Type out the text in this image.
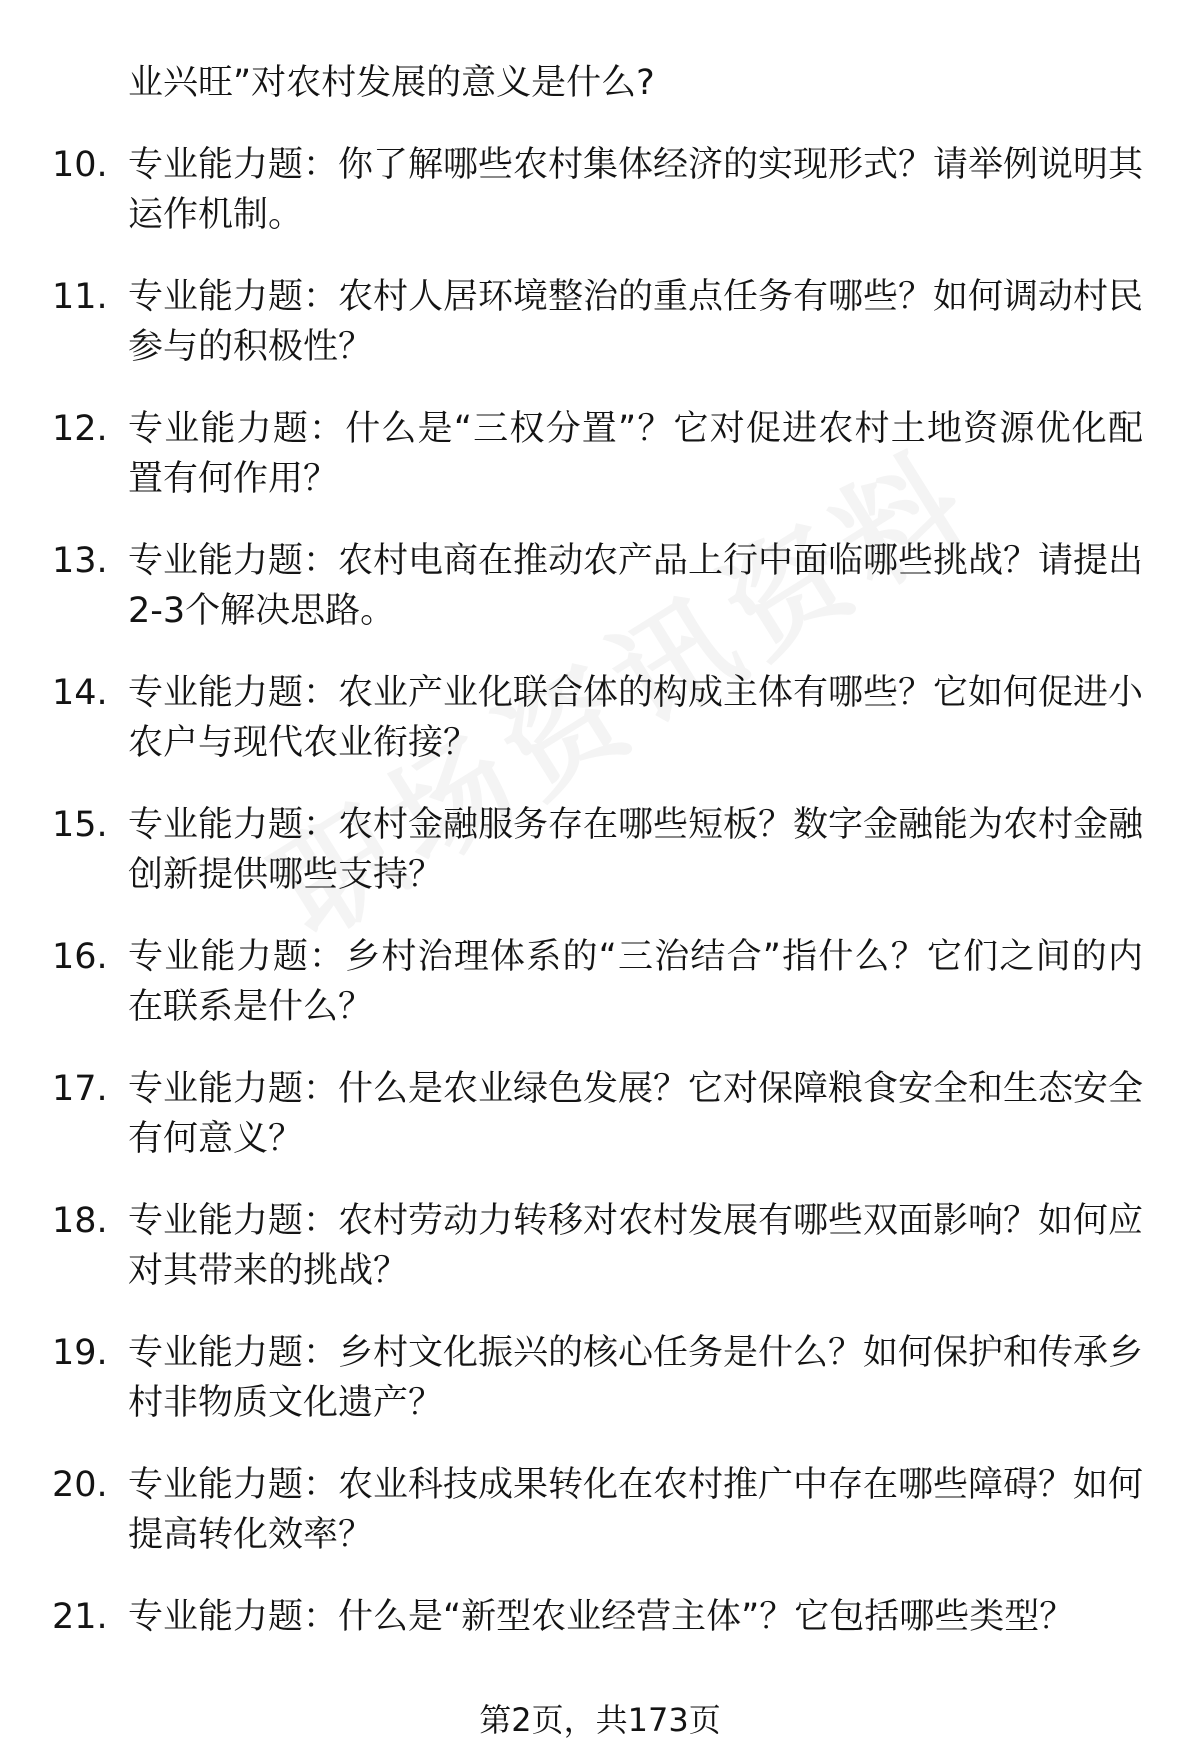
业兴旺”对农村发展的意义是什么?
10. 专业能力题：你了解哪些农村集体经济的实现形式？请举例说明其运作机制。
11. 专业能力题：农村人居环境整治的重点任务有哪些？如何调动村民参与的积极性？
12. 专业能力题：什么是“三权分置”？它对促进农村土地资源优化配置有何作用？
13. 专业能力题：农村电商在推动农产品上行中面临哪些挑战？请提出2-3个解决思路。
14. 专业能力题：农业产业化联合体的构成主体有哪些？它如何促进小农户与现代农业衔接？
15. 专业能力题：农村金融服务存在哪些短板？数字金融能为农村金融创新提供哪些支持？
16. 专业能力题：乡村治理体系的“三治结合”指什么？它们之间的内在联系是什么？
17. 专业能力题：什么是农业绿色发展？它对保障粮食安全和生态安全有何意义？
18. 专业能力题：农村劳动力转移对农村发展有哪些双面影响？如何应对其带来的挑战？
19. 专业能力题：乡村文化振兴的核心任务是什么？如何保护和传承乡村非物质文化遗产？
20. 专业能力题：农业科技成果转化在农村推广中存在哪些障碍？如何提高转化效率？
21. 专业能力题：什么是“新型农业经营主体”？它包括哪些类型？
第2页，共173页
